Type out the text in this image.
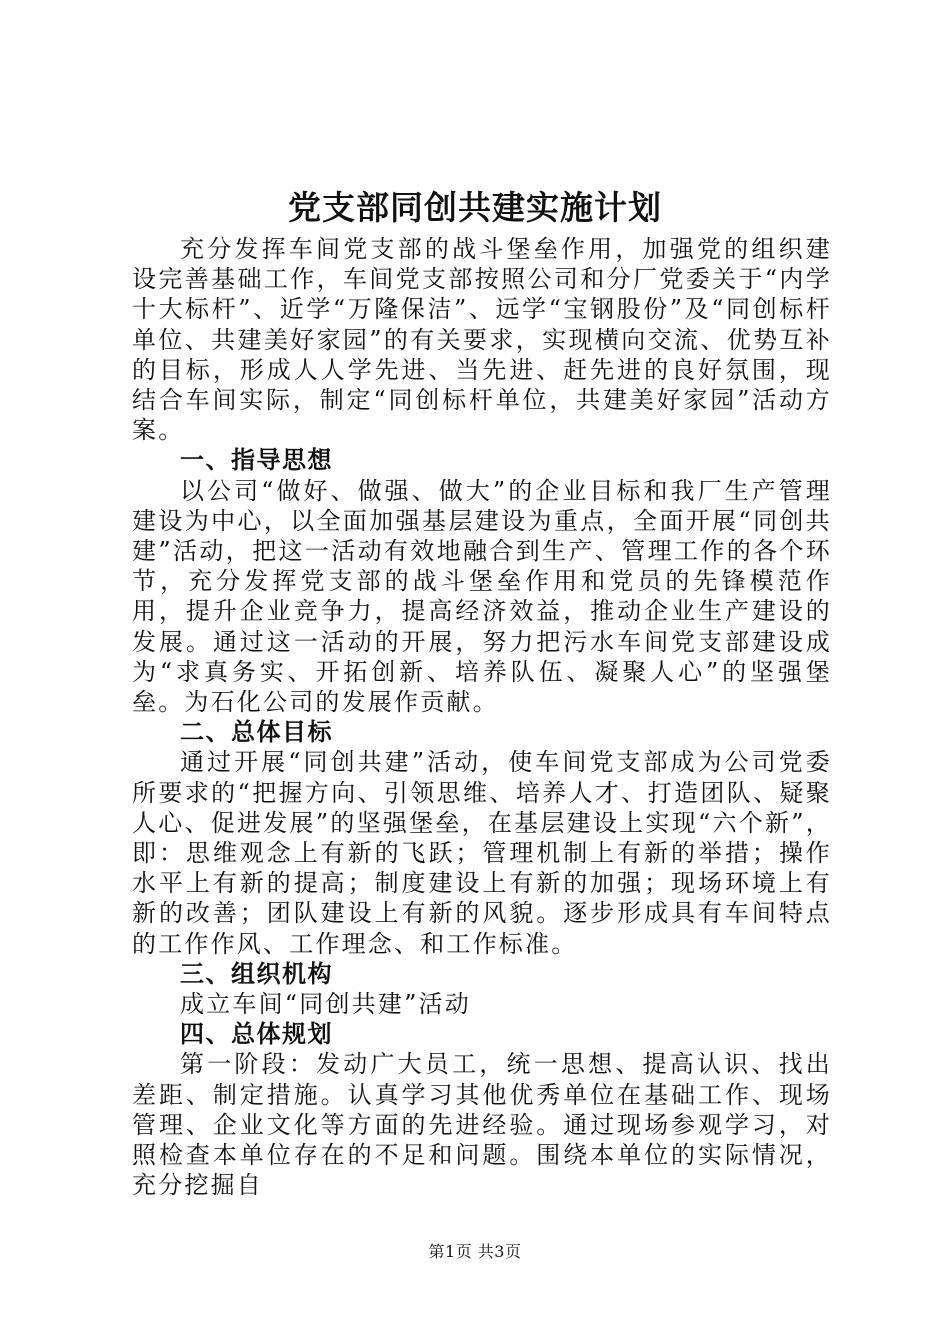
党支部同创共建实施计划

充分发挥车间党支部的战斗堡垒作用，加强党的组织建设完善基础工作，车间党支部按照公司和分厂党委关于“内学十大标杆”、近学“万隆保洁”、远学“宝钢股份”及“同创标杆单位、共建美好家园”的有关要求，实现横向交流、优势互补的目标，形成人人学先进、当先进、赶先进的良好氛围，现结合车间实际，制定“同创标杆单位，共建美好家园”活动方案。

一、指导思想

以公司“做好、做强、做大”的企业目标和我厂生产管理建设为中心，以全面加强基层建设为重点，全面开展“同创共建”活动，把这一活动有效地融合到生产、管理工作的各个环节，充分发挥党支部的战斗堡垒作用和党员的先锋模范作用，提升企业竞争力，提高经济效益，推动企业生产建设的发展。通过这一活动的开展，努力把污水车间党支部建设成为“求真务实、开拓创新、培养队伍、凝聚人心”的坚强堡垒。为石化公司的发展作贡献。

二、总体目标

通过开展“同创共建”活动，使车间党支部成为公司党委所要求的“把握方向、引领思维、培养人才、打造团队、疑聚人心、促进发展”的坚强堡垒，在基层建设上实现“六个新”，即：思维观念上有新的飞跃；管理机制上有新的举措；操作水平上有新的提高；制度建设上有新的加强；现场环境上有新的改善；团队建设上有新的风貌。逐步形成具有车间特点的工作作风、工作理念、和工作标准。

三、组织机构

成立车间“同创共建”活动

四、总体规划

第一阶段：发动广大员工，统一思想、提高认识、找出差距、制定措施。认真学习其他优秀单位在基础工作、现场管理、企业文化等方面的先进经验。通过现场参观学习，对照检查本单位存在的不足和问题。围绕本单位的实际情况，充分挖掘自

第1页 共3页
